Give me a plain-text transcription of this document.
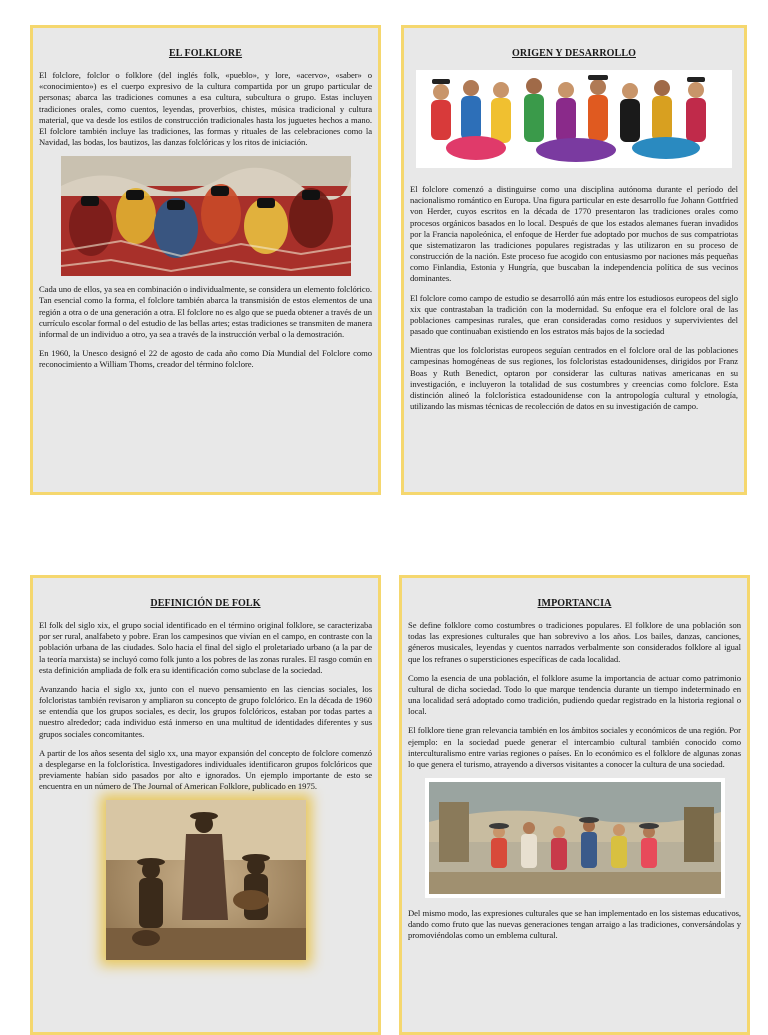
EL FOLKLORE

El folclore, folclor o folklore (del inglés folk, «pueblo», y lore, «acervo», «saber» o «conocimiento») es el cuerpo expresivo de la cultura compartida por un grupo particular de personas; abarca las tradiciones comunes a esa cultura, subcultura o grupo. Estas incluyen tradiciones orales, como cuentos, leyendas, proverbios, chistes, música tradicional y cultura material, que va desde los estilos de construcción tradicionales hasta los juguetes hechos a mano. El folclore también incluye las tradiciones, las formas y rituales de las celebraciones como la Navidad, las bodas, los bautizos, las danzas folclóricas y los ritos de iniciación.

Cada uno de ellos, ya sea en combinación o individualmente, se considera un elemento folclórico. Tan esencial como la forma, el folclore también abarca la transmisión de estos elementos de una región a otra o de una generación a otra. El folclore no es algo que se pueda obtener a través de un currículo escolar formal o del estudio de las bellas artes; estas tradiciones se transmiten de manera informal de un individuo a otro, ya sea a través de la instrucción verbal o la demostración.

En 1960, la Unesco designó el 22 de agosto de cada año como Día Mundial del Folclore como reconocimiento a William Thoms, creador del término folclore.

ORIGEN Y DESARROLLO

El folclore comenzó a distinguirse como una disciplina autónoma durante el período del nacionalismo romántico en Europa. Una figura particular en este desarrollo fue Johann Gottfried von Herder, cuyos escritos en la década de 1770 presentaron las tradiciones orales como procesos orgánicos basados en lo local. Después de que los estados alemanes fueran invadidos por la Francia napoleónica, el enfoque de Herder fue adoptado por muchos de sus compatriotas que sistematizaron las tradiciones populares registradas y las utilizaron en su proceso de construcción de la nación. Este proceso fue acogido con entusiasmo por naciones más pequeñas como Finlandia, Estonia y Hungría, que buscaban la independencia política de sus vecinos dominantes.

El folclore como campo de estudio se desarrolló aún más entre los estudiosos europeos del siglo xix que contrastaban la tradición con la modernidad. Su enfoque era el folclore oral de las poblaciones campesinas rurales, que eran consideradas como residuos y supervivientes del pasado que continuaban existiendo en los estratos más bajos de la sociedad

Mientras que los folcloristas europeos seguían centrados en el folclore oral de las poblaciones campesinas homogéneas de sus regiones, los folcloristas estadounidenses, dirigidos por Franz Boas y Ruth Benedict, optaron por considerar las culturas nativas americanas en su investigación, e incluyeron la totalidad de sus costumbres y creencias como folclore. Esta distinción alineó la folclorística estadounidense con la antropología cultural y etnología, utilizando las mismas técnicas de recolección de datos en su investigación de campo.

DEFINICIÓN DE FOLK

El folk del siglo xix, el grupo social identificado en el término original folklore, se caracterizaba por ser rural, analfabeto y pobre. Eran los campesinos que vivían en el campo, en contraste con la población urbana de las ciudades. Solo hacia el final del siglo el proletariado urbano (a la par de la teoría marxista) se incluyó como folk junto a los pobres de las zonas rurales. El rasgo común en esta definición ampliada de folk era su identificación como subclase de la sociedad.

Avanzando hacia el siglo xx, junto con el nuevo pensamiento en las ciencias sociales, los folcloristas también revisaron y ampliaron su concepto de grupo folclórico. En la década de 1960 se entendía que los grupos sociales, es decir, los grupos folclóricos, estaban por todas partes a nuestro alrededor; cada individuo está inmerso en una multitud de identidades diferentes y sus grupos sociales concomitantes.

A partir de los años sesenta del siglo xx, una mayor expansión del concepto de folclore comenzó a desplegarse en la folclorística. Investigadores individuales identificaron grupos folclóricos que previamente habían sido pasados por alto e ignorados. Un ejemplo importante de esto se encuentra en un número de The Journal of American Folklore, publicado en 1975.

IMPORTANCIA

Se define folklore como costumbres o tradiciones populares. El folklore de una población son todas las expresiones culturales que han sobrevivo a los años. Los bailes, danzas, canciones, géneros musicales, leyendas y cuentos narrados verbalmente son considerados folklore al igual que los refranes o supersticiones específicas de cada localidad.

Como la esencia de una población, el folklore asume la importancia de actuar como patrimonio cultural de dicha sociedad. Todo lo que marque tendencia durante un tiempo indeterminado en una localidad será adoptado como tradición, pudiendo quedar registrado en la historia regional o local.

El folklore tiene gran relevancia también en los ámbitos sociales y económicos de una región. Por ejemplo: en la sociedad puede generar el intercambio cultural también conocido como interculturalismo entre varias regiones o países. En lo económico es el folklore de algunas zonas lo que genera el turismo, atrayendo a diversos visitantes a conocer la cultura de una sociedad.

Del mismo modo, las expresiones culturales que se han implementado en los sistemas educativos, dando como fruto que las nuevas generaciones tengan arraigo a las tradiciones, conversándolas y promoviéndolas como un emblema cultural.
